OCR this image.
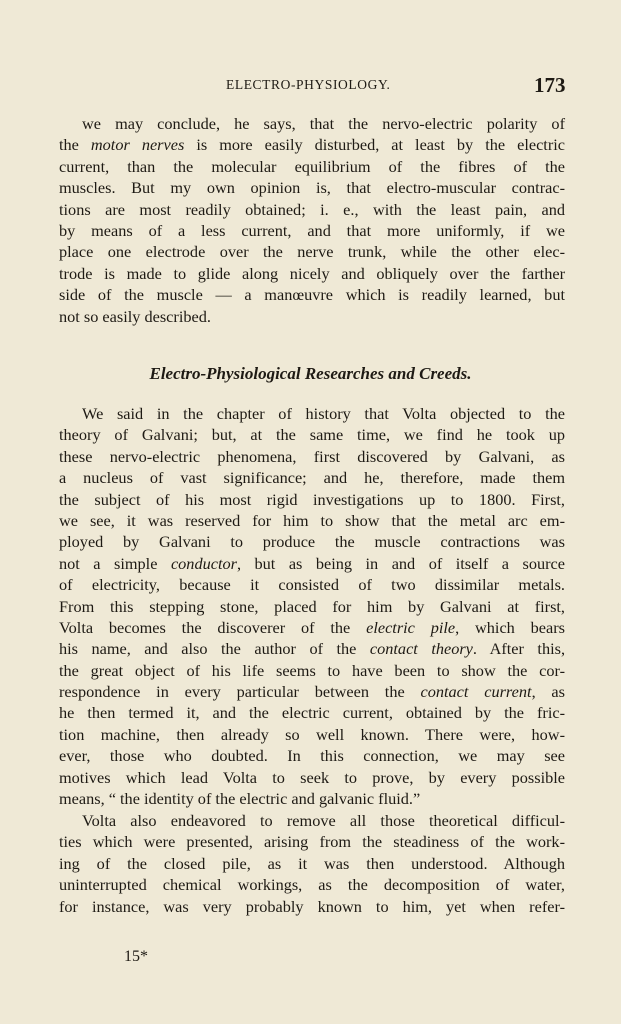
ELECTRO-PHYSIOLOGY.	173
we may conclude, he says, that the nervo-electric polarity of
the motor nerves is more easily disturbed, at least by the electric
current, than the molecular equilibrium of the fibres of the
muscles. But my own opinion is, that electro-muscular contrac-
tions are most readily obtained; i. e., with the least pain, and
by means of a less current, and that more uniformly, if we
place one electrode over the nerve trunk, while the other elec-
trode is made to glide along nicely and obliquely over the farther
side of the muscle — a manœuvre which is readily learned, but
not so easily described.
Electro-Physiological Researches and Creeds.
We said in the chapter of history that Volta objected to the
theory of Galvani; but, at the same time, we find he took up
these nervo-electric phenomena, first discovered by Galvani, as
a nucleus of vast significance; and he, therefore, made them
the subject of his most rigid investigations up to 1800. First,
we see, it was reserved for him to show that the metal arc em-
ployed by Galvani to produce the muscle contractions was
not a simple conductor, but as being in and of itself a source
of electricity, because it consisted of two dissimilar metals.
From this stepping stone, placed for him by Galvani at first,
Volta becomes the discoverer of the electric pile, which bears
his name, and also the author of the contact theory. After this,
the great object of his life seems to have been to show the cor-
respondence in every particular between the contact current, as
he then termed it, and the electric current, obtained by the fric-
tion machine, then already so well known. There were, how-
ever, those who doubted. In this connection, we may see
motives which lead Volta to seek to prove, by every possible
means, “ the identity of the electric and galvanic fluid.”
Volta also endeavored to remove all those theoretical difficul-
ties which were presented, arising from the steadiness of the work-
ing of the closed pile, as it was then understood. Although
uninterrupted chemical workings, as the decomposition of water,
for instance, was very probably known to him, yet when refer-
15*
